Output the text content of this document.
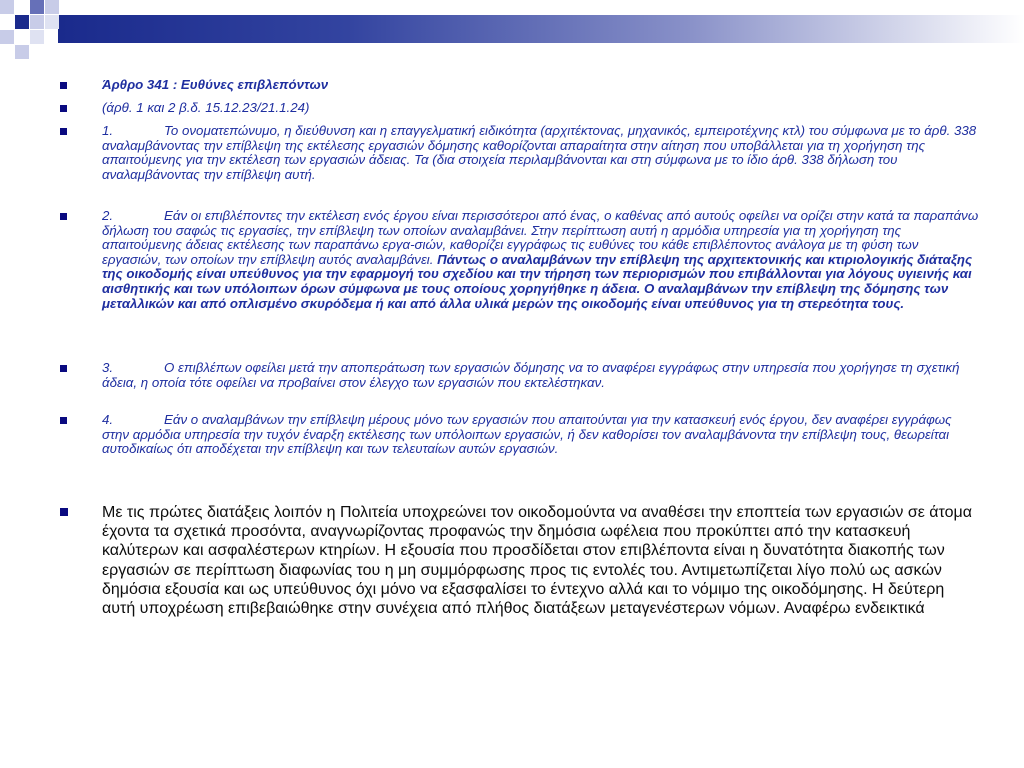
Άρθρο 341 : Ευθύνες επιβλεπόντων
(άρθ. 1 και 2 β.δ. 15.12.23/21.1.24)
1.	Το ονοματεπώνυμο, η διεύθυνση και η επαγγελματική ειδικότητα (αρχιτέκτονας, μηχανικός, εμπειροτέχνης κτλ) του σύμφωνα με το άρθ. 338 αναλαμβάνοντας την επίβλεψη της εκτέλεσης εργασιών δόμησης καθορίζονται απαραίτητα στην αίτηση που υποβάλλεται για τη χορήγηση της απαιτούμενης για την εκτέλεση των εργασιών άδειας. Τα (δια στοιχεία περιλαμβάνονται και στη σύμφωνα με το ίδιο άρθ. 338 δήλωση του αναλαμβάνοντας την επίβλεψη αυτή.
2.	Εάν οι επιβλέποντες την εκτέλεση ενός έργου είναι περισσότεροι από ένας, ο καθένας από αυτούς οφείλει να ορίζει στην κατά τα παραπάνω δήλωση του σαφώς τις εργασίες, την επίβλεψη των οποίων αναλαμβάνει. Στην περίπτωση αυτή η αρμόδια υπηρεσία για τη χορήγηση της απαιτούμενης άδειας εκτέλεσης των παραπάνω εργα-σιών, καθορίζει εγγράφως τις ευθύνες του κάθε επιβλέποντος ανάλογα με τη φύση των εργασιών, των οποίων την επίβλεψη αυτός αναλαμβάνει. Πάντως ο αναλαμβάνων την επίβλεψη της αρχιτεκτονικής και κτιριολογικής διάταξης της οικοδομής είναι υπεύθυνος για την εφαρμογή του σχεδίου και την τήρηση των περιορισμών που επιβάλλονται για λόγους υγιεινής και αισθητικής και των υπόλοιπων όρων σύμφωνα με τους οποίους χορηγήθηκε η άδεια. Ο αναλαμβάνων την επίβλεψη της δόμησης των μεταλλικών και από οπλισμένο σκυρόδεμα ή και από άλλα υλικά μερών της οικοδομής είναι υπεύθυνος για τη στερεότητα τους.
3.	Ο επιβλέπων οφείλει μετά την αποπεράτωση των εργασιών δόμησης να το αναφέρει εγγράφως στην υπηρεσία που χορήγησε τη σχετική άδεια, η οποία τότε οφείλει να προβαίνει στον έλεγχο των εργασιών που εκτελέστηκαν.
4.	Εάν ο αναλαμβάνων την επίβλεψη μέρους μόνο των εργασιών που απαιτούνται για την κατασκευή ενός έργου, δεν αναφέρει εγγράφως στην αρμόδια υπηρεσία την τυχόν έναρξη εκτέλεσης των υπόλοιπων εργασιών, ή δεν καθορίσει τον αναλαμβάνοντα την επίβλεψη τους, θεωρείται αυτοδικαίως ότι αποδέχεται την επίβλεψη και των τελευταίων αυτών εργασιών.
Με τις πρώτες διατάξεις λοιπόν η Πολιτεία υποχρεώνει τον οικοδομούντα να αναθέσει την εποπτεία των εργασιών σε άτομα έχοντα τα σχετικά προσόντα, αναγνωρίζοντας προφανώς την δημόσια ωφέλεια που προκύπτει από την κατασκευή καλύτερων και ασφαλέστερων κτηρίων. Η εξουσία που προσδίδεται στον επιβλέποντα είναι η δυνατότητα διακοπής των εργασιών σε περίπτωση διαφωνίας του η μη συμμόρφωσης προς τις εντολές του. Αντιμετωπίζεται λίγο πολύ ως ασκών δημόσια εξουσία και ως υπεύθυνος όχι μόνο να εξασφαλίσει το έντεχνο αλλά και το νόμιμο της οικοδόμησης. Η δεύτερη αυτή υποχρέωση επιβεβαιώθηκε στην συνέχεια από πλήθος διατάξεων μεταγενέστερων νόμων. Αναφέρω ενδεικτικά
